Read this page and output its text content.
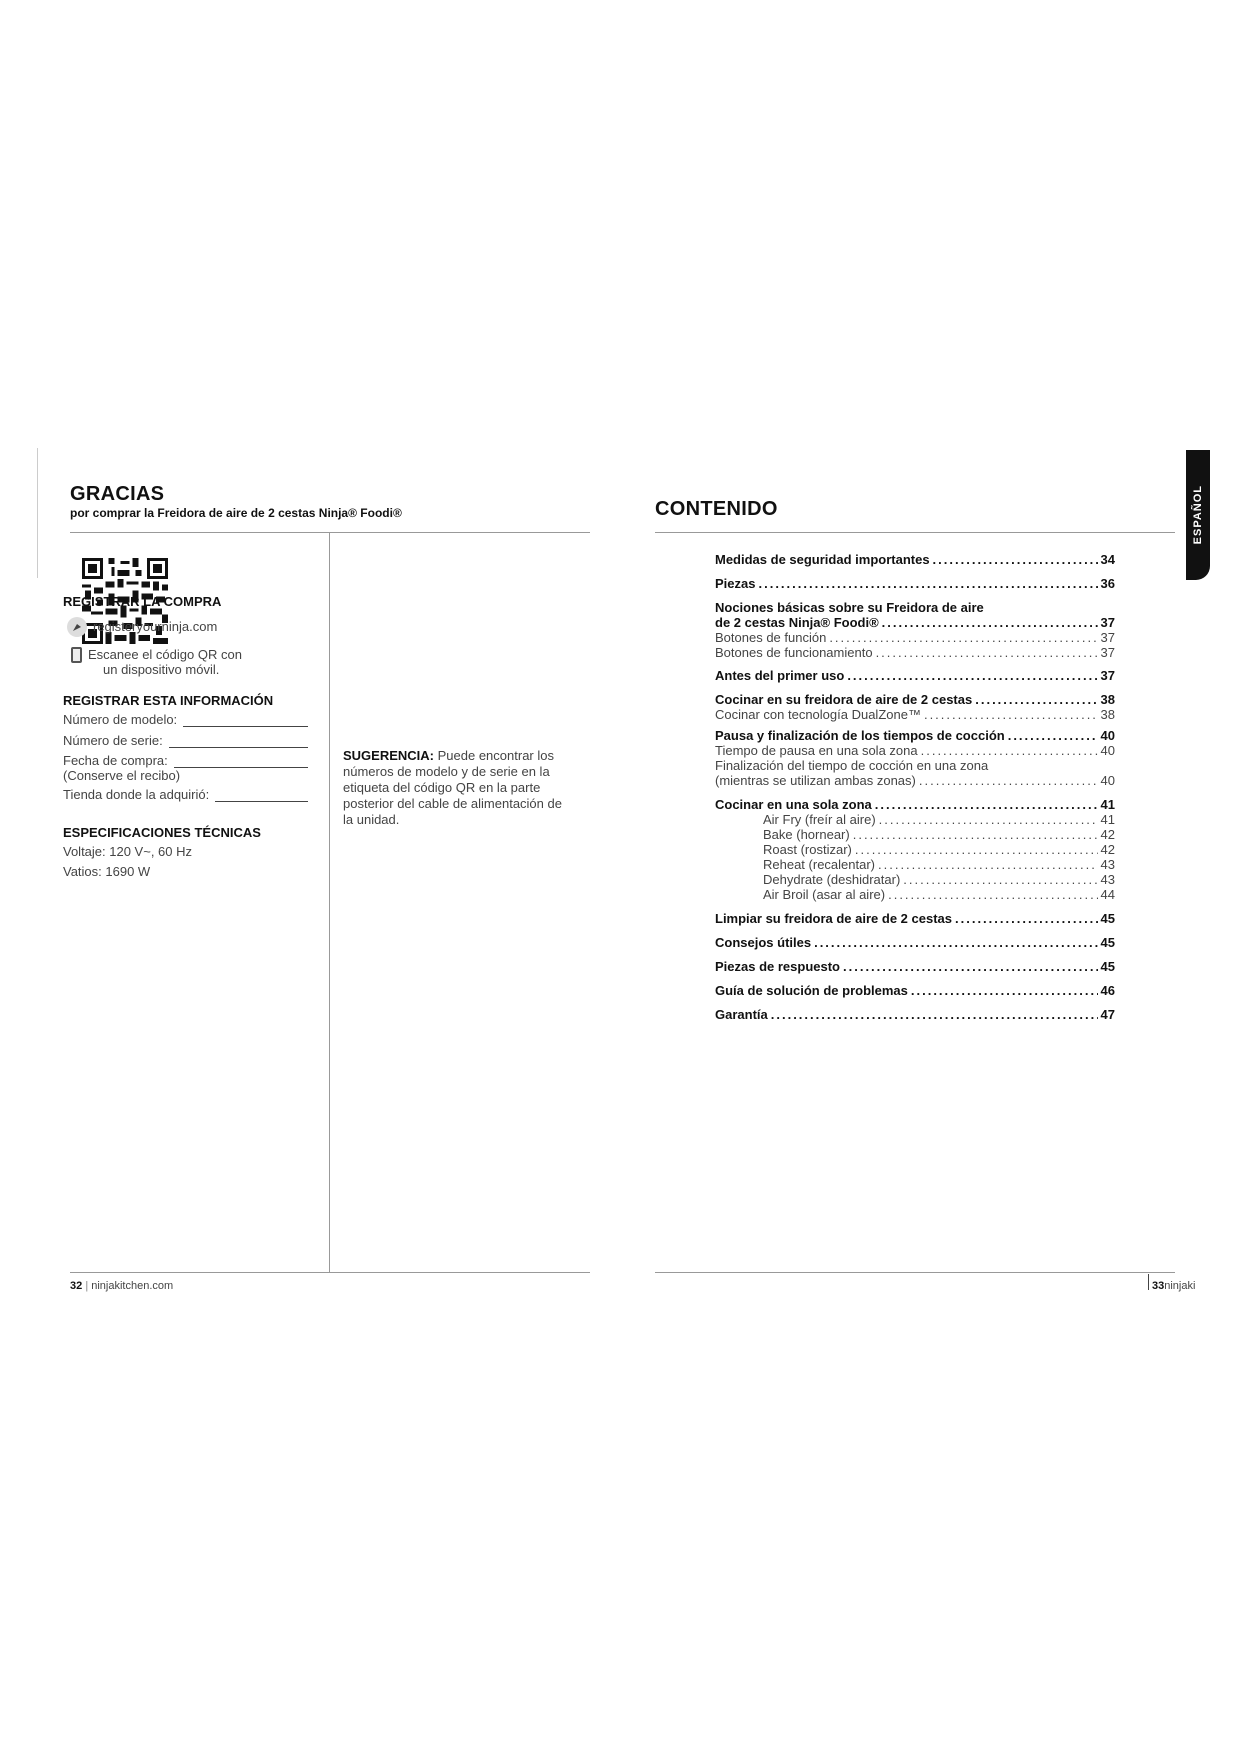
GRACIAS
por comprar la Freidora de aire de 2 cestas Ninja® Foodi®
REGISTRAR LA COMPRA
registeryourninja.com
Escanee el código QR con
un dispositivo móvil.
REGISTRAR ESTA INFORMACIÓN
Número de modelo:
Número de serie:
Fecha de compra:
(Conserve el recibo)
Tienda donde la adquirió:
ESPECIFICACIONES TÉCNICAS
Voltaje: 120 V~, 60 Hz
Vatios: 1690 W
SUGERENCIA: Puede encontrar los números de modelo y de serie en la etiqueta del código QR en la parte posterior del cable de alimentación de la unidad.
32 | ninjakitchen.com
CONTENIDO
Medidas de seguridad importantes .....	34
Piezas .....	36
Nociones básicas sobre su Freidora de aire
de 2 cestas Ninja® Foodi® .....	37
Botones de función .....	37
Botones de funcionamiento .....	37
Antes del primer uso .....	37
Cocinar en su freidora de aire de 2 cestas .....	38
Cocinar con tecnología DualZone™ .....	38
Pausa y finalización de los tiempos de cocción .....	40
Tiempo de pausa en una sola zona .....	40
Finalización del tiempo de cocción en una zona
(mientras se utilizan ambas zonas) .....	40
Cocinar en una sola zona .....	41
Air Fry (freír al aire) .....	41
Bake (hornear) .....	42
Roast (rostizar) .....	42
Reheat (recalentar) .....	43
Dehydrate (deshidratar) .....	43
Air Broil (asar al aire) .....	44
Limpiar su freidora de aire de 2 cestas .....	45
Consejos útiles .....	45
Piezas de respuesto .....	45
Guía de solución de problemas .....	46
Garantía .....	47
ESPAÑOL
33ninjaki
